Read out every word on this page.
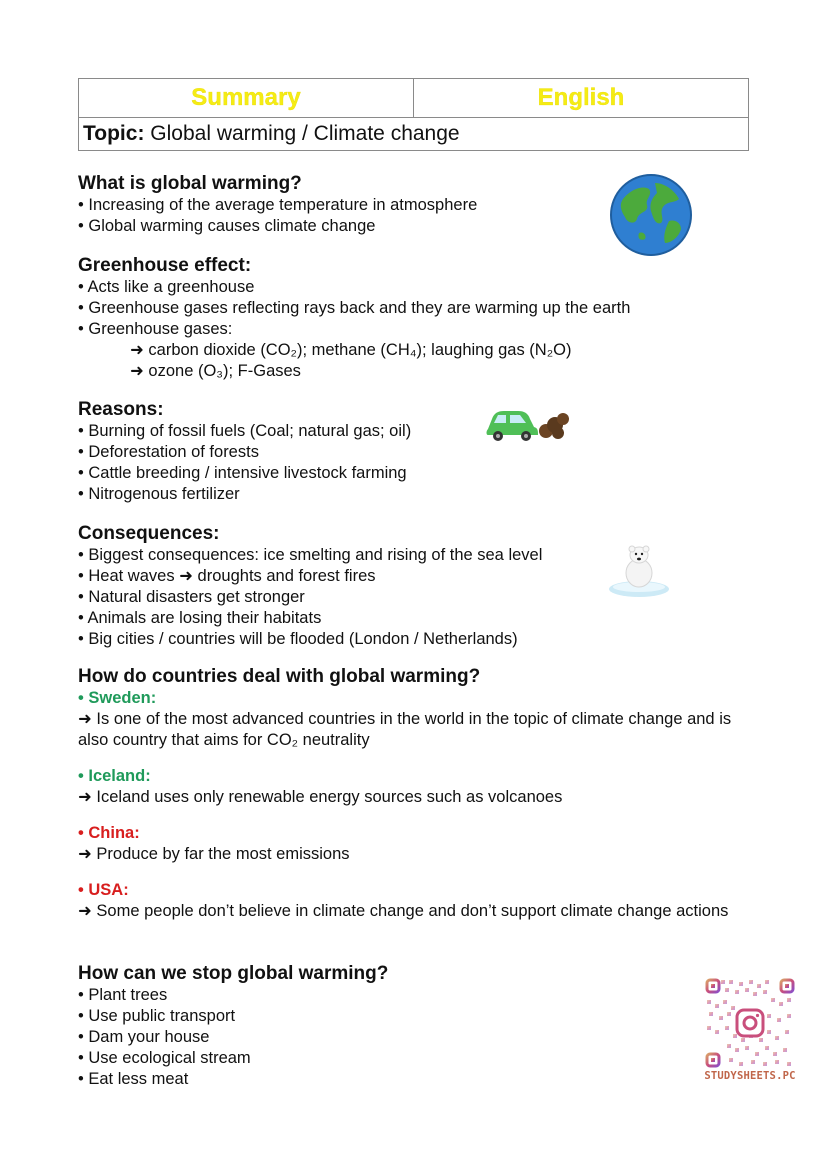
Summary	English
Topic: Global warming / Climate change
What is global warming?
• Increasing of the average temperature in atmosphere
• Global warming causes climate change
Greenhouse effect:
• Acts like a greenhouse
• Greenhouse gases reflecting rays back and they are warming up the earth
• Greenhouse gases:
➜ carbon dioxide (CO₂); methane (CH₄); laughing gas (N₂O)
➜ ozone (O₃); F-Gases
Reasons:
• Burning of fossil fuels (Coal; natural gas; oil)
• Deforestation of forests
• Cattle breeding / intensive livestock farming
• Nitrogenous fertilizer
Consequences:
• Biggest consequences: ice smelting and rising of the sea level
• Heat waves ➜ droughts and forest fires
• Natural disasters get stronger
• Animals are losing their habitats
• Big cities / countries will be flooded (London / Netherlands)
How do countries deal with global warming?
• Sweden:
➜ Is one of the most advanced countries in the world in the topic of climate change and is also country that aims for CO₂ neutrality
• Iceland:
➜ Iceland uses only renewable energy sources such as volcanoes
• China:
➜ Produce by far the most emissions
• USA:
➜ Some people don’t believe in climate change and don’t support climate change actions
How can we stop global warming?
• Plant trees
• Use public transport
• Dam your house
• Use ecological stream
• Eat less meat	STUDYSHEETS.PC
